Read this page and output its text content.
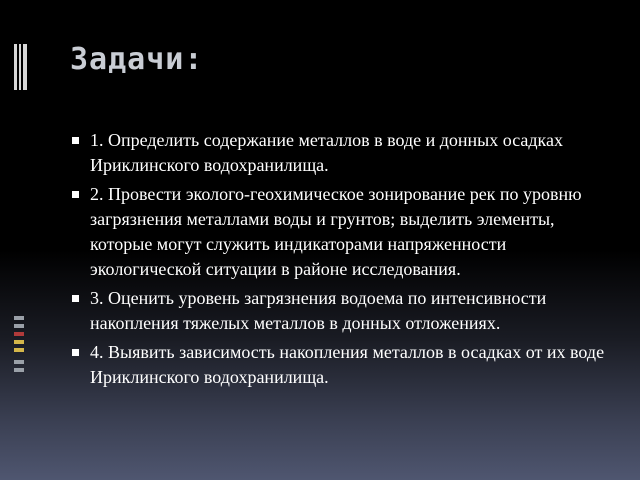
Задачи:
1. Определить содержание металлов в воде и донных осадках Ириклинского водохранилища.
2. Провести эколого-геохимическое зонирование рек по уровню загрязнения металлами воды и грунтов; выделить элементы, которые могут служить индикаторами напряженности экологической ситуации в районе исследования.
3. Оценить уровень загрязнения водоема по интенсивности накопления тяжелых металлов в донных отложениях.
4. Выявить зависимость накопления металлов в осадках от их воде Ириклинского водохранилища.
